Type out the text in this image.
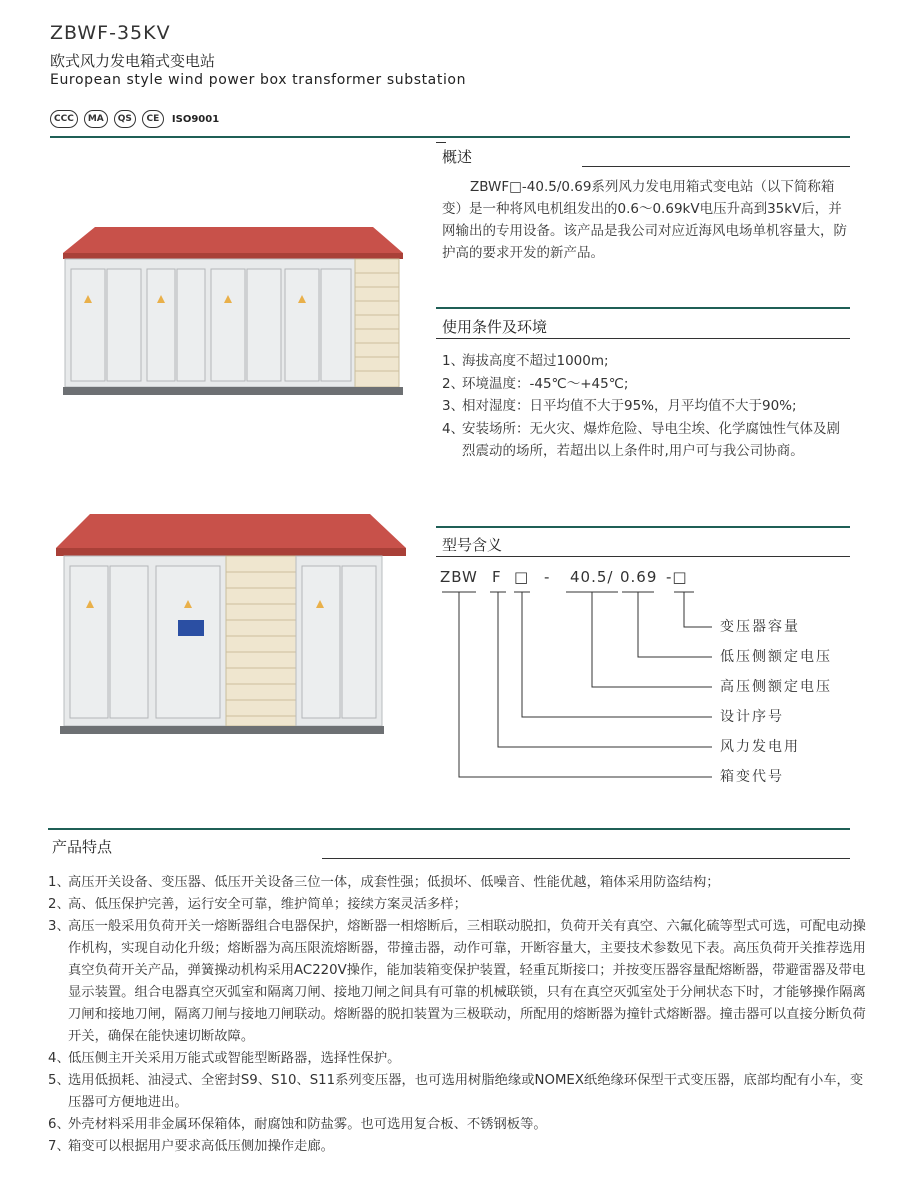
ZBWF-35KV
欧式风力发电箱式变电站
European style wind power box transformer substation
CCC	MA	QS	CE	ISO9001
概述
ZBWF□-40.5/0.69系列风力发电用箱式变电站（以下简称箱变）是一种将风电机组发出的0.6～0.69kV电压升高到35kV后，并网输出的专用设备。该产品是我公司对应近海风电场单机容量大，防护高的要求开发的新产品。
使用条件及环境
1、
海拔高度不超过1000m;
2、
环境温度：-45℃～+45℃;
3、
相对湿度：日平均值不大于95%，月平均值不大于90%;
4、
安装场所：无火灾、爆炸危险、导电尘埃、化学腐蚀性气体及剧烈震动的场所，若超出以上条件时,用户可与我公司协商。
型号含义
ZBW F □ - 40.5/ 0.69 -□
变压器容量
低压侧额定电压
高压侧额定电压
设计序号
风力发电用
箱变代号
产品特点
1、
高压开关设备、变压器、低压开关设备三位一体，成套性强；低损坏、低噪音、性能优越，箱体采用防盗结构；
2、
高、低压保护完善，运行安全可靠，维护简单；接续方案灵活多样；
3、
高压一般采用负荷开关一熔断器组合电器保护，熔断器一相熔断后，三相联动脱扣，负荷开关有真空、六氟化硫等型式可选，可配电动操作机构，实现自动化升级；熔断器为高压限流熔断器，带撞击器，动作可靠，开断容量大，主要技术参数见下表。高压负荷开关推荐选用真空负荷开关产品，弹簧操动机构采用AC220V操作，能加装箱变保护装置，轻重瓦斯接口；并按变压器容量配熔断器，带避雷器及带电显示装置。组合电器真空灭弧室和隔离刀闸、接地刀闸之间具有可靠的机械联锁，只有在真空灭弧室处于分闸状态下时，才能够操作隔离刀闸和接地刀闸，隔离刀闸与接地刀闸联动。熔断器的脱扣装置为三极联动，所配用的熔断器为撞针式熔断器。撞击器可以直接分断负荷开关，确保在能快速切断故障。
4、
低压侧主开关采用万能式或智能型断路器，选择性保护。
5、
选用低损耗、油浸式、全密封S9、S10、S11系列变压器，也可选用树脂绝缘或NOMEX纸绝缘环保型干式变压器，底部均配有小车，变压器可方便地进出。
6、
外壳材料采用非金属环保箱体，耐腐蚀和防盐雾。也可选用复合板、不锈钢板等。
7、
箱变可以根据用户要求高低压侧加操作走廊。
